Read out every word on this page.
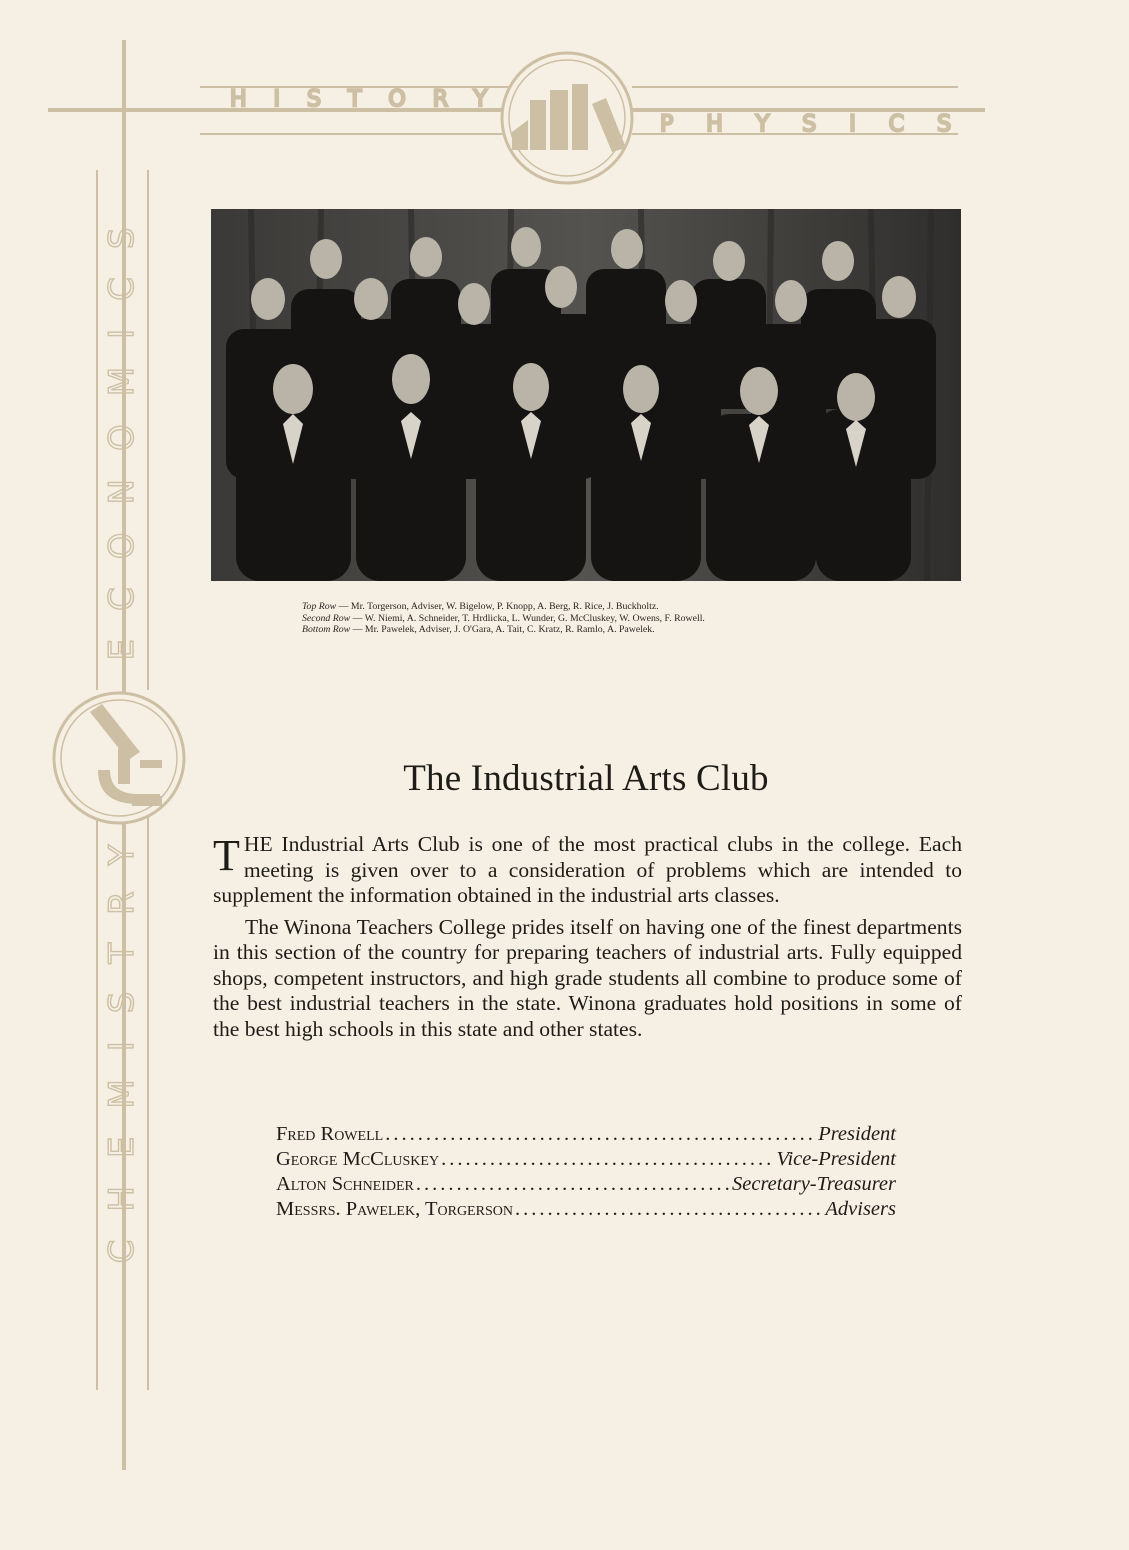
HISTORY
PHYSICS
ECONOMICS
CHEMISTRY
Top Row — Mr. Torgerson, Adviser, W. Bigelow, P. Knopp, A. Berg, R. Rice, J. Buckholtz.
Second Row — W. Niemi, A. Schneider, T. Hrdlicka, L. Wunder, G. McCluskey, W. Owens, F. Rowell.
Bottom Row — Mr. Pawelek, Adviser, J. O'Gara, A. Tait, C. Kratz, R. Ramlo, A. Pawelek.
The Industrial Arts Club

THE Industrial Arts Club is one of the most practical clubs in the college. Each meeting is given over to a consideration of problems which are intended to supplement the information obtained in the industrial arts classes.

The Winona Teachers College prides itself on having one of the finest departments in this section of the country for preparing teachers of industrial arts. Fully equipped shops, competent instructors, and high grade students all combine to produce some of the best industrial teachers in the state. Winona graduates hold positions in some of the best high schools in this state and other states.

Fred Rowell .....	President
George McCluskey .....	Vice-President
Alton Schneider .....	Secretary-Treasurer
Messrs. Pawelek, Torgerson .....	Advisers
